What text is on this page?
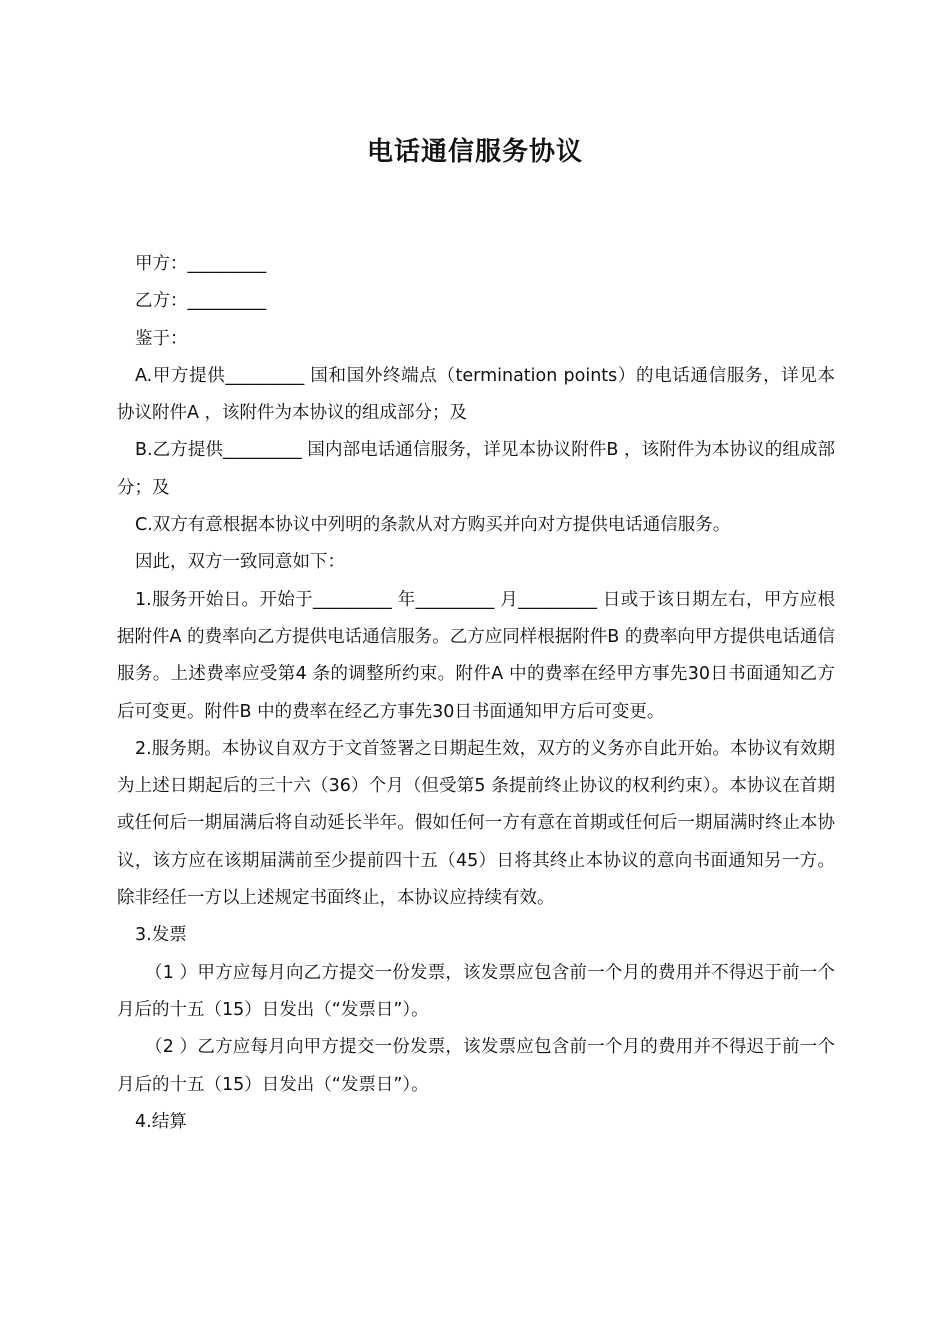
电话通信服务协议

甲方：_________

乙方：_________

鉴于：

A.甲方提供_________ 国和国外终端点（termination points）的电话通信服务，详见本协议附件A ，该附件为本协议的组成部分；及

B.乙方提供_________ 国内部电话通信服务，详见本协议附件B ，该附件为本协议的组成部分；及

C.双方有意根据本协议中列明的条款从对方购买并向对方提供电话通信服务。

因此，双方一致同意如下：

1.服务开始日。开始于_________ 年_________ 月_________ 日或于该日期左右，甲方应根据附件A 的费率向乙方提供电话通信服务。乙方应同样根据附件B 的费率向甲方提供电话通信服务。上述费率应受第4 条的调整所约束。附件A 中的费率在经甲方事先30日书面通知乙方后可变更。附件B 中的费率在经乙方事先30日书面通知甲方后可变更。

2.服务期。本协议自双方于文首签署之日期起生效，双方的义务亦自此开始。本协议有效期为上述日期起后的三十六（36）个月（但受第5 条提前终止协议的权利约束）。本协议在首期或任何后一期届满后将自动延长半年。假如任何一方有意在首期或任何后一期届满时终止本协议，该方应在该期届满前至少提前四十五（45）日将其终止本协议的意向书面通知另一方。除非经任一方以上述规定书面终止，本协议应持续有效。

3.发票

（1 ）甲方应每月向乙方提交一份发票，该发票应包含前一个月的费用并不得迟于前一个月后的十五（15）日发出（“发票日”）。

（2 ）乙方应每月向甲方提交一份发票，该发票应包含前一个月的费用并不得迟于前一个月后的十五（15）日发出（“发票日”）。

4.结算
